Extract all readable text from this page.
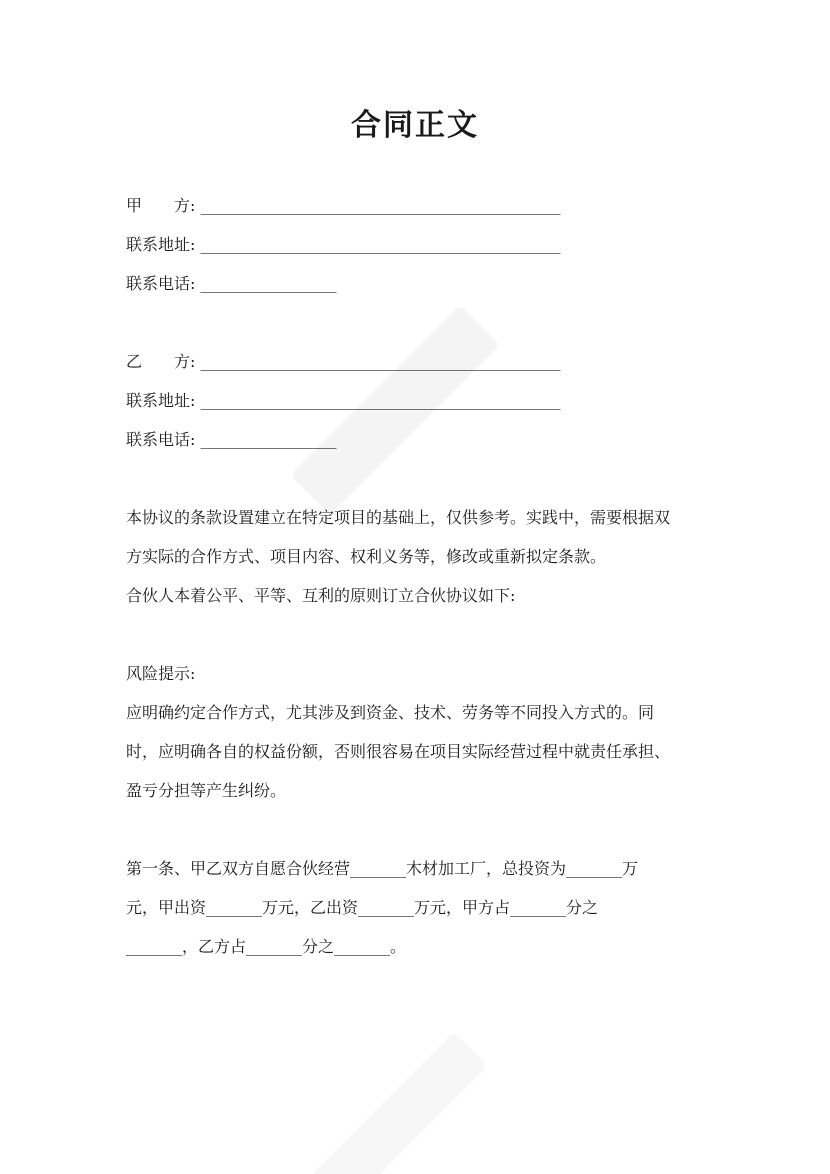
合同正文
甲　　方: _____________________________________________
联系地址: _____________________________________________
联系电话: _________________
乙　　方: _____________________________________________
联系地址: _____________________________________________
联系电话: _________________
本协议的条款设置建立在特定项目的基础上，仅供参考。实践中，需要根据双
方实际的合作方式、项目内容、权利义务等，修改或重新拟定条款。
合伙人本着公平、平等、互利的原则订立合伙协议如下:
风险提示:
应明确约定合作方式，尤其涉及到资金、技术、劳务等不同投入方式的。同
时，应明确各自的权益份额，否则很容易在项目实际经营过程中就责任承担、
盈亏分担等产生纠纷。
第一条、甲乙双方自愿合伙经营_______木材加工厂，总投资为_______万
元，甲出资_______万元，乙出资_______万元，甲方占_______分之
_______，乙方占_______分之_______。
